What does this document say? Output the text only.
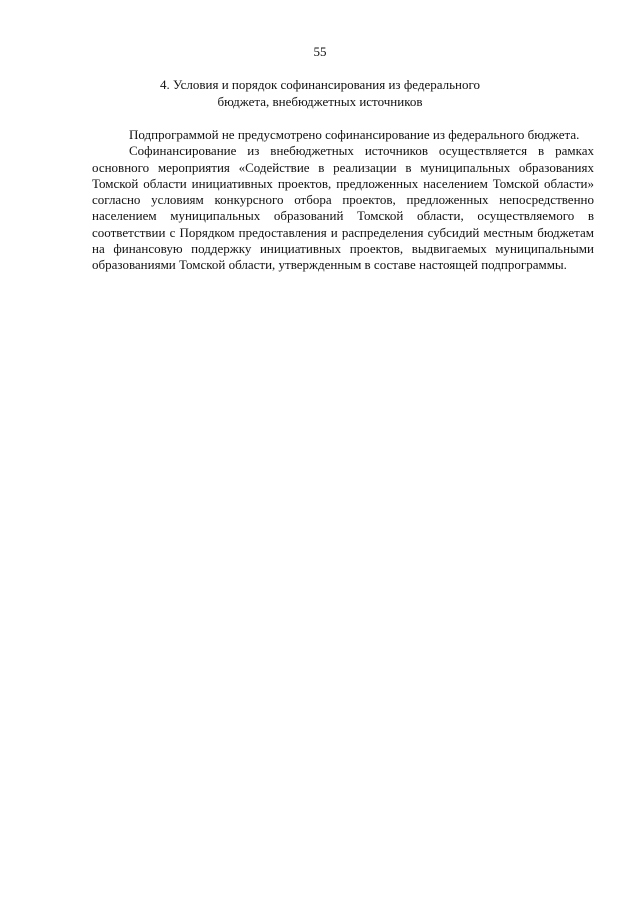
55
4. Условия и порядок софинансирования из федерального
бюджета, внебюджетных источников

Подпрограммой не предусмотрено софинансирование из федерального бюджета.

Софинансирование из внебюджетных источников осуществляется в рамках основного мероприятия «Содействие в реализации в муниципальных образованиях Томской области инициативных проектов, предложенных населением Томской области» согласно условиям конкурсного отбора проектов, предложенных непосредственно населением муниципальных образований Томской области, осуществляемого в соответствии с Порядком предоставления и распределения субсидий местным бюджетам на финансовую поддержку инициативных проектов, выдвигаемых муниципальными образованиями Томской области, утвержденным в составе настоящей подпрограммы.
